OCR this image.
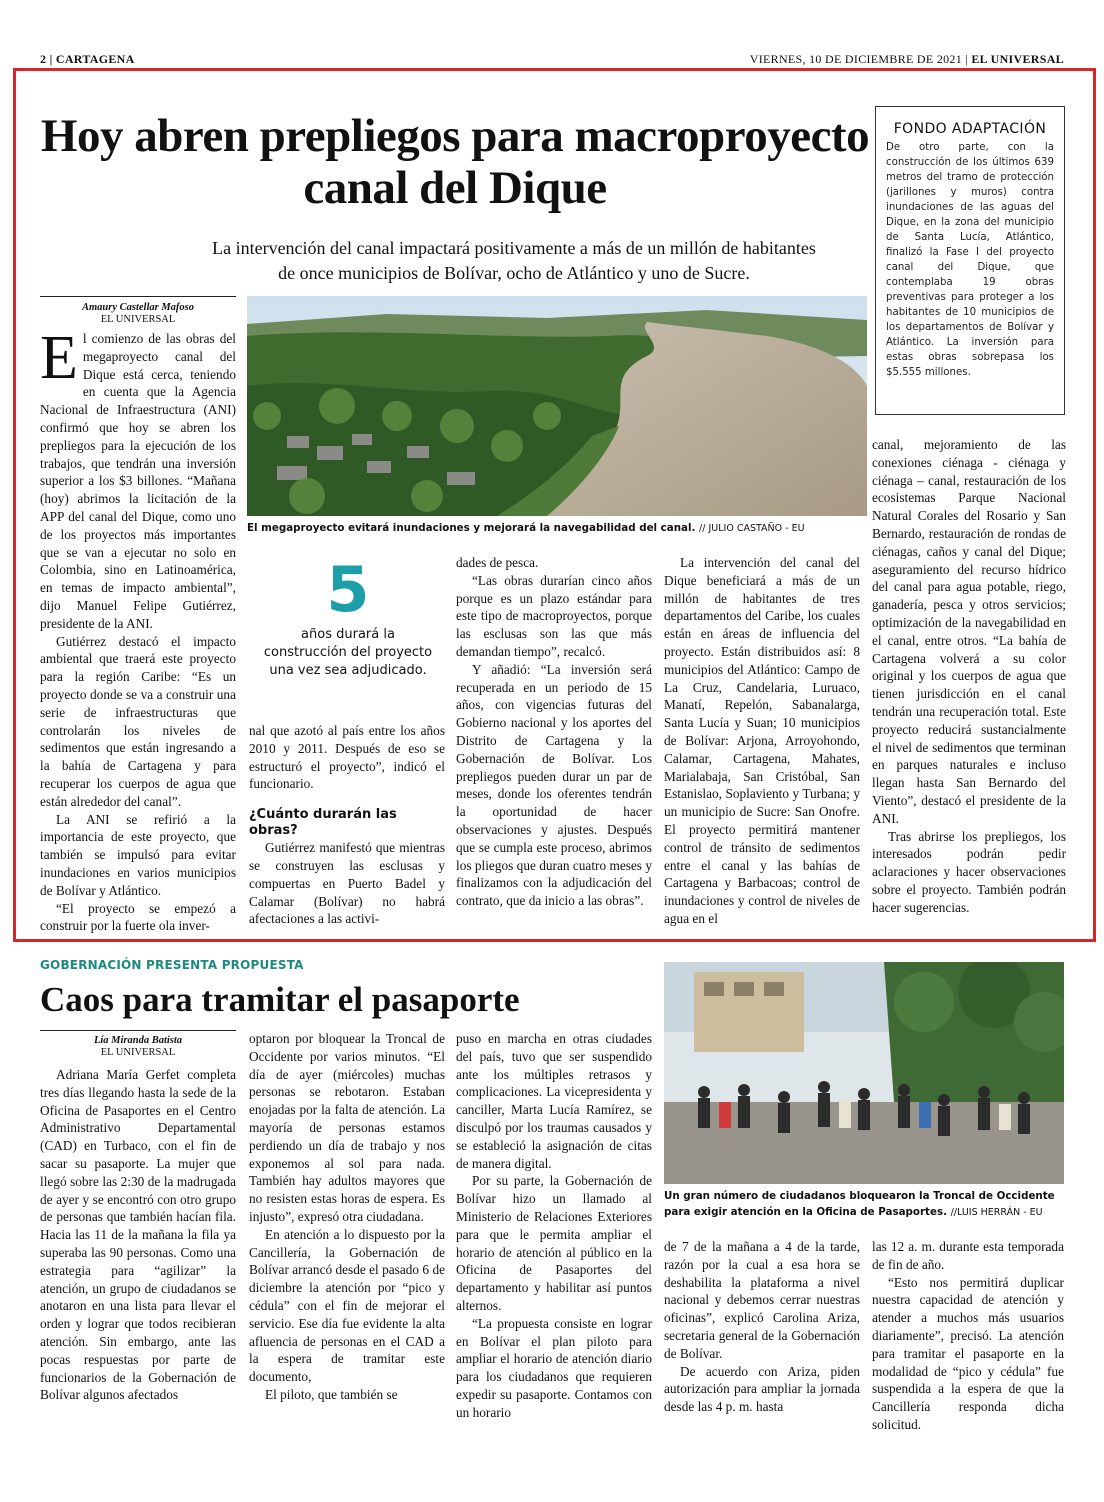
2 | CARTAGENA	VIERNES, 10 DE DICIEMBRE DE 2021 | EL UNIVERSAL
Hoy abren prepliegos para macroproyecto canal del Dique
La intervención del canal impactará positivamente a más de un millón de habitantes de once municipios de Bolívar, ocho de Atlántico y uno de Sucre.
FONDO ADAPTACIÓN
De otro parte, con la construcción de los últimos 639 metros del tramo de protección (jarillones y muros) contra inundaciones de las aguas del Dique, en la zona del municipio de Santa Lucía, Atlántico, finalizó la Fase I del proyecto canal del Dique, que contemplaba 19 obras preventivas para proteger a los habitantes de 10 municipios de los departamentos de Bolívar y Atlántico. La inversión para estas obras sobrepasa los $5.555 millones.
Amaury Castellar Mafoso
EL UNIVERSAL
El megaproyecto evitará inundaciones y mejorará la navegabilidad del canal. // JULIO CASTAÑO - EU

El comienzo de las obras del megaproyecto canal del Dique está cerca, teniendo en cuenta que la Agencia Nacional de Infraestructura (ANI) confirmó que hoy se abren los prepliegos para la ejecución de los trabajos, que tendrán una inversión superior a los $3 billones. “Mañana (hoy) abrimos la licitación de la APP del canal del Dique, como uno de los proyectos más importantes que se van a ejecutar no solo en Colombia, sino en Latinoamérica, en temas de impacto ambiental”, dijo Manuel Felipe Gutiérrez, presidente de la ANI.

Gutiérrez destacó el impacto ambiental que traerá este proyecto para la región Caribe: “Es un proyecto donde se va a construir una serie de infraestructuras que controlarán los niveles de sedimentos que están ingresando a la bahía de Cartagena y para recuperar los cuerpos de agua que están alrededor del canal”.

La ANI se refirió a la importancia de este proyecto, que también se impulsó para evitar inundaciones en varios municipios de Bolívar y Atlántico.

“El proyecto se empezó a construir por la fuerte ola inver-

5
años durará la construcción del proyecto una vez sea adjudicado.

nal que azotó al país entre los años 2010 y 2011. Después de eso se estructuró el proyecto”, indicó el funcionario.

¿Cuánto durarán las obras?

Gutiérrez manifestó que mientras se construyen las esclusas y compuertas en Puerto Badel y Calamar (Bolívar) no habrá afectaciones a las activi-

dades de pesca.

“Las obras durarían cinco años porque es un plazo estándar para este tipo de macroproyectos, porque las esclusas son las que más demandan tiempo”, recalcó.

Y añadió: “La inversión será recuperada en un periodo de 15 años, con vigencias futuras del Gobierno nacional y los aportes del Distrito de Cartagena y la Gobernación de Bolívar. Los prepliegos pueden durar un par de meses, donde los oferentes tendrán la oportunidad de hacer observaciones y ajustes. Después que se cumpla este proceso, abrimos los pliegos que duran cuatro meses y finalizamos con la adjudicación del contrato, que da inicio a las obras”.

La intervención del canal del Dique beneficiará a más de un millón de habitantes de tres departamentos del Caribe, los cuales están en áreas de influencia del proyecto. Están distribuidos así: 8 municipios del Atlántico: Campo de La Cruz, Candelaria, Luruaco, Manatí, Repelón, Sabanalarga, Santa Lucía y Suan; 10 municipios de Bolívar: Arjona, Arroyohondo, Calamar, Cartagena, Mahates, Marialabaja, San Cristóbal, San Estanislao, Soplaviento y Turbana; y un municipio de Sucre: San Onofre. El proyecto permitirá mantener control de tránsito de sedimentos entre el canal y las bahías de Cartagena y Barbacoas; control de inundaciones y control de niveles de agua en el

canal, mejoramiento de las conexiones ciénaga - ciénaga y ciénaga – canal, restauración de los ecosistemas Parque Nacional Natural Corales del Rosario y San Bernardo, restauración de rondas de ciénagas, caños y canal del Dique; aseguramiento del recurso hídrico del canal para agua potable, riego, ganadería, pesca y otros servicios; optimización de la navegabilidad en el canal, entre otros. “La bahía de Cartagena volverá a su color original y los cuerpos de agua que tienen jurisdicción en el canal tendrán una recuperación total. Este proyecto reducirá sustancialmente el nivel de sedimentos que terminan en parques naturales e incluso llegan hasta San Bernardo del Viento”, destacó el presidente de la ANI.

Tras abrirse los prepliegos, los interesados podrán pedir aclaraciones y hacer observaciones sobre el proyecto. También podrán hacer sugerencias.

GOBERNACIÓN PRESENTA PROPUESTA
Caos para tramitar el pasaporte
Lía Miranda Batista
EL UNIVERSAL
Un gran número de ciudadanos bloquearon la Troncal de Occidente para exigir atención en la Oficina de Pasaportes. //LUIS HERRÁN - EU

Adriana María Gerfet completa tres días llegando hasta la sede de la Oficina de Pasaportes en el Centro Administrativo Departamental (CAD) en Turbaco, con el fin de sacar su pasaporte. La mujer que llegó sobre las 2:30 de la madrugada de ayer y se encontró con otro grupo de personas que también hacían fila. Hacia las 11 de la mañana la fila ya superaba las 90 personas. Como una estrategia para “agilizar” la atención, un grupo de ciudadanos se anotaron en una lista para llevar el orden y lograr que todos recibieran atención. Sin embargo, ante las pocas respuestas por parte de funcionarios de la Gobernación de Bolívar algunos afectados

optaron por bloquear la Troncal de Occidente por varios minutos. “El día de ayer (miércoles) muchas personas se rebotaron. Estaban enojadas por la falta de atención. La mayoría de personas estamos perdiendo un día de trabajo y nos exponemos al sol para nada. También hay adultos mayores que no resisten estas horas de espera. Es injusto”, expresó otra ciudadana.

En atención a lo dispuesto por la Cancillería, la Gobernación de Bolívar arrancó desde el pasado 6 de diciembre la atención por “pico y cédula” con el fin de mejorar el servicio. Ese día fue evidente la alta afluencia de personas en el CAD a la espera de tramitar este documento,

El piloto, que también se

puso en marcha en otras ciudades del país, tuvo que ser suspendido ante los múltiples retrasos y complicaciones. La vicepresidenta y canciller, Marta Lucía Ramírez, se disculpó por los traumas causados y se estableció la asignación de citas de manera digital.

Por su parte, la Gobernación de Bolívar hizo un llamado al Ministerio de Relaciones Exteriores para que le permita ampliar el horario de atención al público en la Oficina de Pasaportes del departamento y habilitar así puntos alternos.

“La propuesta consiste en lograr en Bolívar el plan piloto para ampliar el horario de atención diario para los ciudadanos que requieren expedir su pasaporte. Contamos con un horario

de 7 de la mañana a 4 de la tarde, razón por la cual a esa hora se deshabilita la plataforma a nivel nacional y debemos cerrar nuestras oficinas”, explicó Carolina Ariza, secretaria general de la Gobernación de Bolívar.

De acuerdo con Ariza, piden autorización para ampliar la jornada desde las 4 p. m. hasta

las 12 a. m. durante esta temporada de fin de año.

“Esto nos permitirá duplicar nuestra capacidad de atención y atender a muchos más usuarios diariamente”, precisó. La atención para tramitar el pasaporte en la modalidad de “pico y cédula” fue suspendida a la espera de que la Cancillería responda dicha solicitud.
